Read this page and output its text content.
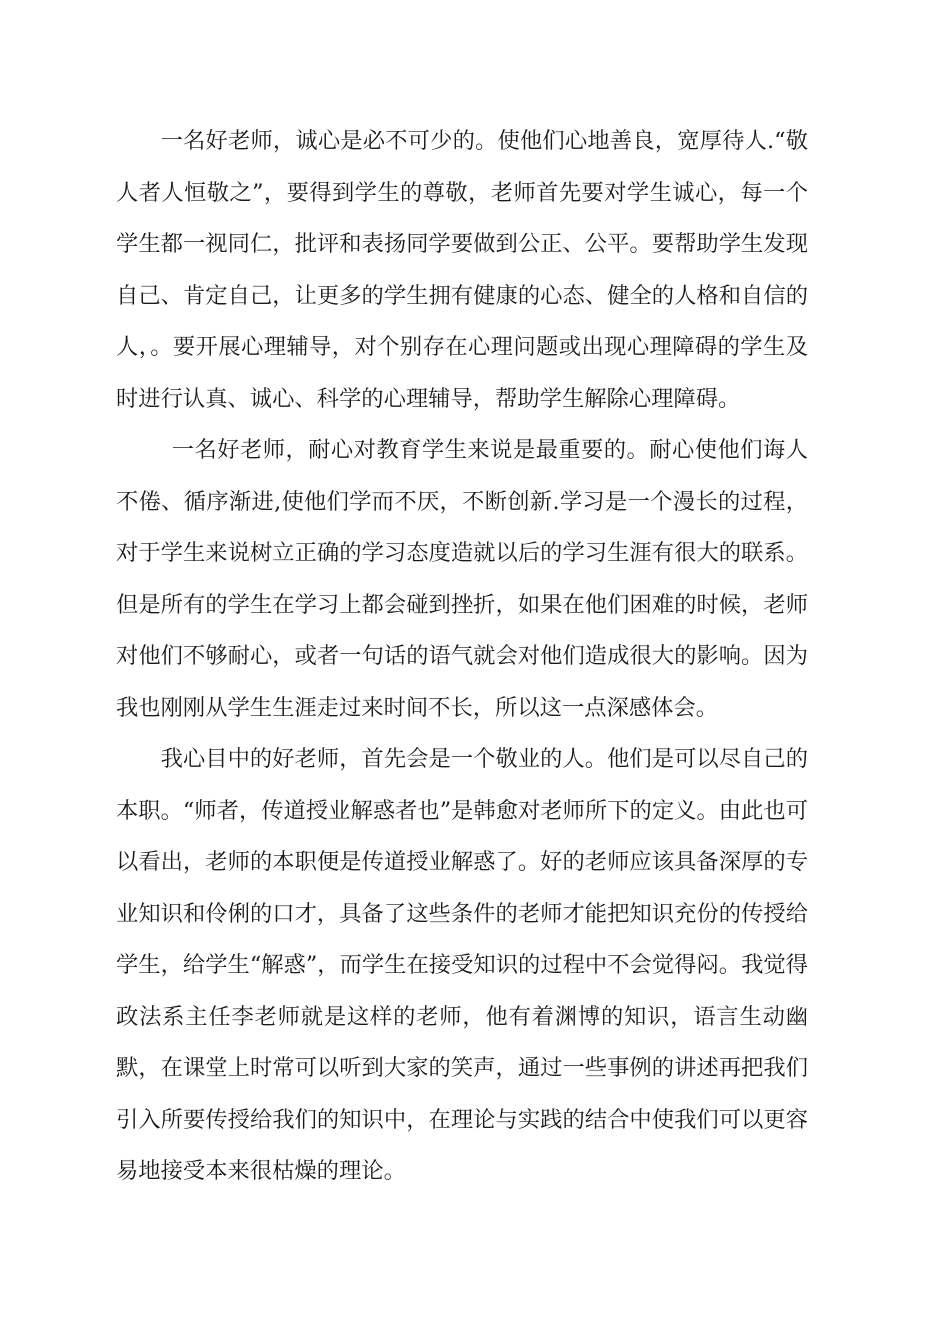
一名好老师，诚心是必不可少的。使他们心地善良，宽厚待人.“敬人者人恒敬之”，要得到学生的尊敬，老师首先要对学生诚心，每一个学生都一视同仁，批评和表扬同学要做到公正、公平。要帮助学生发现自己、肯定自己，让更多的学生拥有健康的心态、健全的人格和自信的人，。要开展心理辅导，对个别存在心理问题或出现心理障碍的学生及时进行认真、诚心、科学的心理辅导，帮助学生解除心理障碍。

一名好老师，耐心对教育学生来说是最重要的。耐心使他们诲人不倦、循序渐进,使他们学而不厌，不断创新.学习是一个漫长的过程，对于学生来说树立正确的学习态度造就以后的学习生涯有很大的联系。但是所有的学生在学习上都会碰到挫折，如果在他们困难的时候，老师对他们不够耐心，或者一句话的语气就会对他们造成很大的影响。因为我也刚刚从学生生涯走过来时间不长，所以这一点深感体会。

我心目中的好老师，首先会是一个敬业的人。他们是可以尽自己的本职。“师者，传道授业解惑者也”是韩愈对老师所下的定义。由此也可以看出，老师的本职便是传道授业解惑了。好的老师应该具备深厚的专业知识和伶俐的口才，具备了这些条件的老师才能把知识充份的传授给学生，给学生“解惑”，而学生在接受知识的过程中不会觉得闷。我觉得政法系主任李老师就是这样的老师，他有着渊博的知识，语言生动幽默，在课堂上时常可以听到大家的笑声，通过一些事例的讲述再把我们引入所要传授给我们的知识中，在理论与实践的结合中使我们可以更容易地接受本来很枯燥的理论。
